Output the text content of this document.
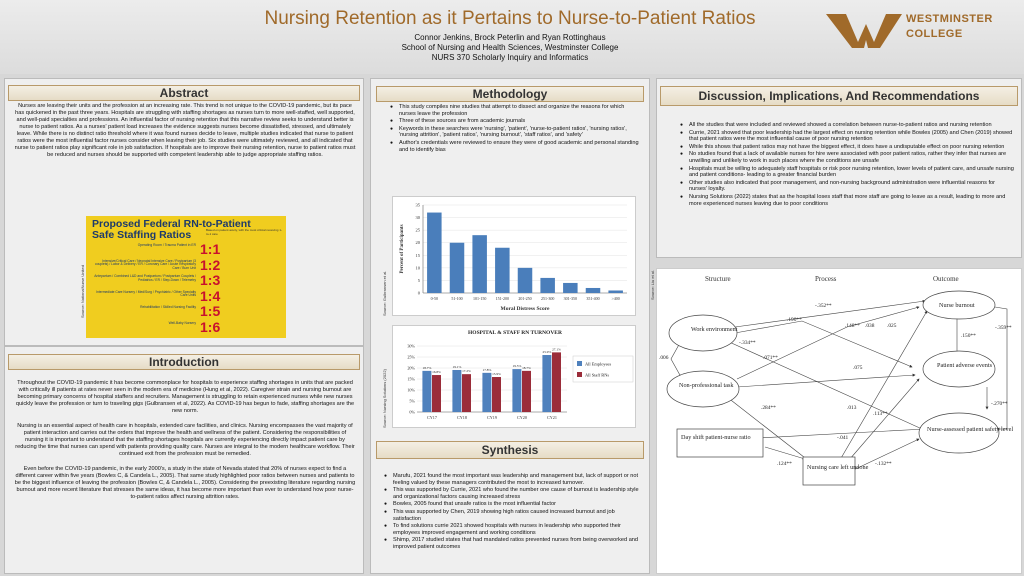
Nursing Retention as it Pertains to Nurse-to-Patient Ratios
Connor Jenkins, Brock Peterlin and Ryan Rottinghaus
School of Nursing and Health Sciences, Westminster College
NURS 370 Scholarly Inquiry and Informatics
WESTMINSTER
COLLEGE
Abstract
Nurses are leaving their units and the profession at an increasing rate. This trend is not unique to the COVID-19 pandemic, but its pace has quickened in the past three years. Hospitals are struggling with staffing shortages as nurses turn to more well-staffed, well supported, and well-paid specialties and professions. An influential factor of nursing retention that this narrative review seeks to understand better is nurse to patient ratios. As a nurses' patient load increases the evidence suggests nurses become dissatisfied, stressed, and ultimately leave. While there is no distinct ratio threshold where it was found nurses decide to leave, multiple studies indicated that nurse to patient ratios were the most influential factor nurses consider when leaving their job. Six studies were ultimately reviewed, and all indicated that nurse to patient ratios play significant role in job satisfaction. If hospitals are to improve their nursing retention, nurse to patient ratios must be reduced and nurses should be supported with competent leadership able to judge appropriate staffing ratios.
Proposed Federal RN-to-Patient
Safe Staffing Ratios	Based on patient acuity, with the most critical receiving 1-to-1 care
Operating Room / Trauma Patient in ER 1:1
Intensive/Critical Care / Neonatal Intensive Care / Postpartum (3 couplets) / Labor & Delivery / ER / Coronary Care / Acute Respiratory Care / Burn Unit 1:2
Antepartum / Combined L&D and Postpartum / Postpartum Couplets / Pediatrics / ER / Step-Down / Telemetry 1:3
Intermediate Care Nursery / Med/Surg / Psychiatric / Other Specialty Care Units 1:4
Rehabilitation / Skilled Nursing Facility 1:5
Well-Baby Nursery 1:6
Source: NationalNurse United
Introduction
Throughout the COVID-19 pandemic it has become commonplace for hospitals to experience staffing shortages in units that are packed with critically ill patients at rates never seen in the modern era of medicine (Hung et al, 2022). Caregiver strain and nursing burnout are becoming primary concerns of hospital staffers and recruiters. Management is struggling to retain experienced nurses while new nurses quickly leave the profession or turn to traveling gigs (Gulbransen et al, 2022). As COVID-19 has begun to fade, staffing shortages are the new norm.
Nursing is an essential aspect of health care in hospitals, extended care facilities, and clinics. Nursing encompasses the vast majority of patient interaction and carries out the orders that improve the health and wellness of the patient. Considering the responsibilities of nursing it is important to understand that the staffing shortages hospitals are currently experiencing directly impact patient care by reducing the time that nurses can spend with patients providing quality care. Nurses are integral to the modern healthcare workflow. Their continued exit from the profession must be remedied.
Even before the COVID-19 pandemic, in the early 2000's, a study in the state of Nevada stated that 20% of nurses expect to find a different career within five years (Bowles C, & Candela L., 2005). That same study highlighted poor ratios between nurses and patients to be the biggest influence of leaving the profession (Bowles C, & Candela L., 2005). Considering the preexisting literature regarding nursing burnout and more recent literature that stresses the same ideas, it has become more important than ever to understand how poor nurse-to-patient ratios affect nursing attrition rates.
Methodology
● This study compiles nine studies that attempt to dissect and organize the reasons for which nurses leave the profession
● Three of these sources are from academic journals
● Keywords in these searches were 'nursing', 'patient', 'nurse-to-patient ratios', 'nursing ratios', 'nursing attrition', 'patient ratios', 'nursing burnout', 'staff ratios', and 'safety'
● Author's credentials were reviewed to ensure they were of good academic and personal standing and to identify bias
0
5
10
15
20
25
30
35
0-50	51-100	101-150 151-200 201-250 251-300 301-350 351-400	>400
Moral Distress Score
Percent of Participants
Source: Gulbransen et al.
HOSPITAL & STAFF RN TURNOVER
0%
5%
10%
15%
20%
25%
30%
18.7%
16.8%
CY17
19.1%
17.2%
CY18
17.8%
15.9%
CY19
19.5% 18.7%
CY20
25.9%
27.1%
CY21
All Employees
All Staff RNs
Source: Nursing Solutions (2022)
Synthesis
● Marufu, 2021 found the most important was leadership and management but, lack of support or not feeling valued by these managers contributed the most to increased turnover.
● This was supported by Currie, 2021 who found the number one cause of burnout is leadership style and organizational factors causing increased stress
● Bowles, 2005 found that unsafe ratios is the most influential factor
● This was supported by Chen, 2019 showing high ratios caused increased burnout and job satisfaction
● To find solutions currie 2021 showed hospitals with nurses in leadership who supported their employees improved engagement and working conditions
● Shimp, 2017 studied states that had mandated ratios prevented nurses from being overworked and improved patient outcomes
Discussion, Implications, And Recommendations
● All the studies that were included and reviewed showed a correlation between nurse-to-patient ratios and nursing retention
● Currie, 2021 showed that poor leadership had the largest effect on nursing retention while Bowles (2005) and Chen (2019) showed that patient ratios were the most influential cause of poor nursing retention
● While this shows that patient ratios may not have the biggest effect, it does have a undisputable effect on poor nursing retention
● No studies found that a lack of available nurses for hire were associated with poor patient ratios, rather they infer that nurses are unwilling and unlikely to work in such places where the conditions are unsafe
● Hospitals must be willing to adequately staff hospitals or risk poor nursing retention, lower levels of patient care, and unsafe nursing and patient conditions- leading to a greater financial burden
● Other studies also indicated that poor management, and non-nursing background administration were influential reasons for nurses' loyalty.
● Nursing Solutions (2022) states that as the hospital loses staff that more staff are going to leave as a result, leading to more and more experienced nurses leaving due to poor conditions
Structure	Process	Outcome
Work environment
Non-professional task
Day shift patient-nurse ratio
Nursing care left undone
Nurse burnout
Patient adverse events
Nurse-assessed patient safety level
-.352**
.190**
.148** .038 .025
-.334**
.071**
.075
.006
.150**
-.359**
.284**	.013
.113**
-.270**
-.041
.124**	-.132**
Source: Liu et al.
